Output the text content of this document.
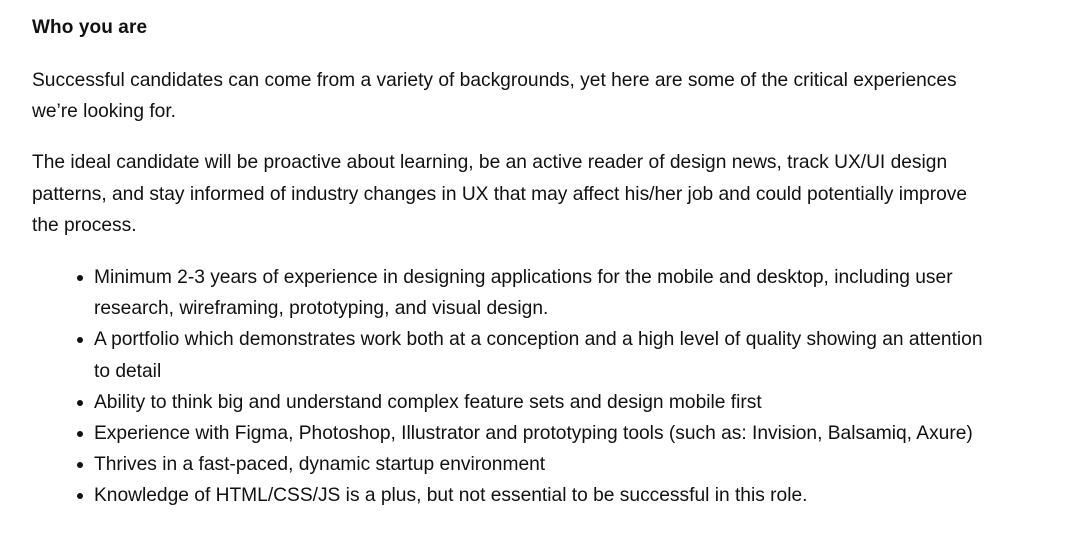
Who you are

Successful candidates can come from a variety of backgrounds, yet here are some of the critical experiences we’re looking for.

The ideal candidate will be proactive about learning, be an active reader of design news, track UX/UI design patterns, and stay informed of industry changes in UX that may affect his/her job and could potentially improve the process.

Minimum 2-3 years of experience in designing applications for the mobile and desktop, including user research, wireframing, prototyping, and visual design.
A portfolio which demonstrates work both at a conception and a high level of quality showing an attention to detail
Ability to think big and understand complex feature sets and design mobile first
Experience with Figma, Photoshop, Illustrator and prototyping tools (such as: Invision, Balsamiq, Axure)
Thrives in a fast-paced, dynamic startup environment
Knowledge of HTML/CSS/JS is a plus, but not essential to be successful in this role.
